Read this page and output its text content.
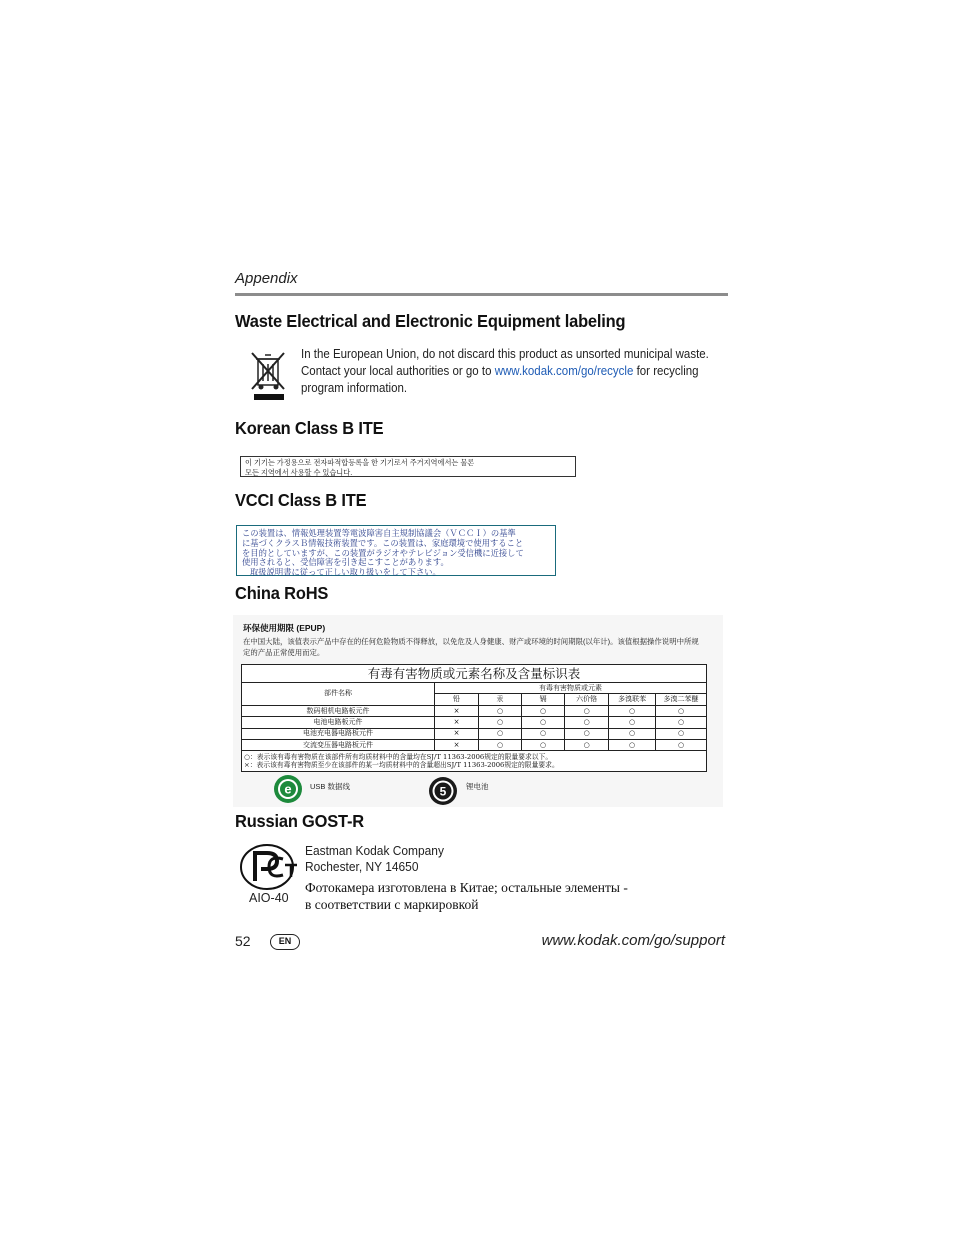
Appendix
Waste Electrical and Electronic Equipment labeling
In the European Union, do not discard this product as unsorted municipal waste. Contact your local authorities or go to www.kodak.com/go/recycle for recycling program information.
Korean Class B ITE
이 기기는 가정용으로 전자파적합등록을 한 기기로서 주거지역에서는 물론
모든 지역에서 사용할 수 있습니다.
VCCI Class B ITE
この装置は、情報処理装置等電波障害自主規制協議会（ＶＣＣＩ）の基準
に基づくクラスＢ情報技術装置です。この装置は、家庭環境で使用すること
を目的としていますが、この装置がラジオやテレビジョン受信機に近接して
使用されると、受信障害を引き起こすことがあります。
取扱説明書に従って正しい取り扱いをして下さい。
China RoHS
环保使用期限 (EPUP)
在中国大陆，该值表示产品中存在的任何危险物质不得释放，以免危及人身健康、财产或环境的时间期限(以年计)。该值根据操作说明中所规定的产品正常使用而定。
有毒有害物质或元素名称及含量标识表						
部件名称	有毒有害物质或元素					
	铅	汞	镉	六价铬	多溴联苯	多溴二苯醚
数码相机电路板元件	×	○	○	○	○	○
电池电路板元件	×	○	○	○	○	○
电池充电器电路板元件	×	○	○	○	○	○
交流变压器电路板元件	×	○	○	○	○	○

○：表示该有毒有害物质在该部件所有均质材料中的含量均在SJ/T 11363-2006规定的限量要求以下。
×：表示该有毒有害物质至少在该部件的某一均质材料中的含量超出SJ/T 11363-2006规定的限量要求。						
e USB 数据线	5	锂电池
Russian GOST-R
AIO-40
Eastman Kodak Company
Rochester, NY 14650
Фотокамера изготовлена в Китае; остальные элементы -
в соответствии с маркировкой
52	EN	www.kodak.com/go/support
